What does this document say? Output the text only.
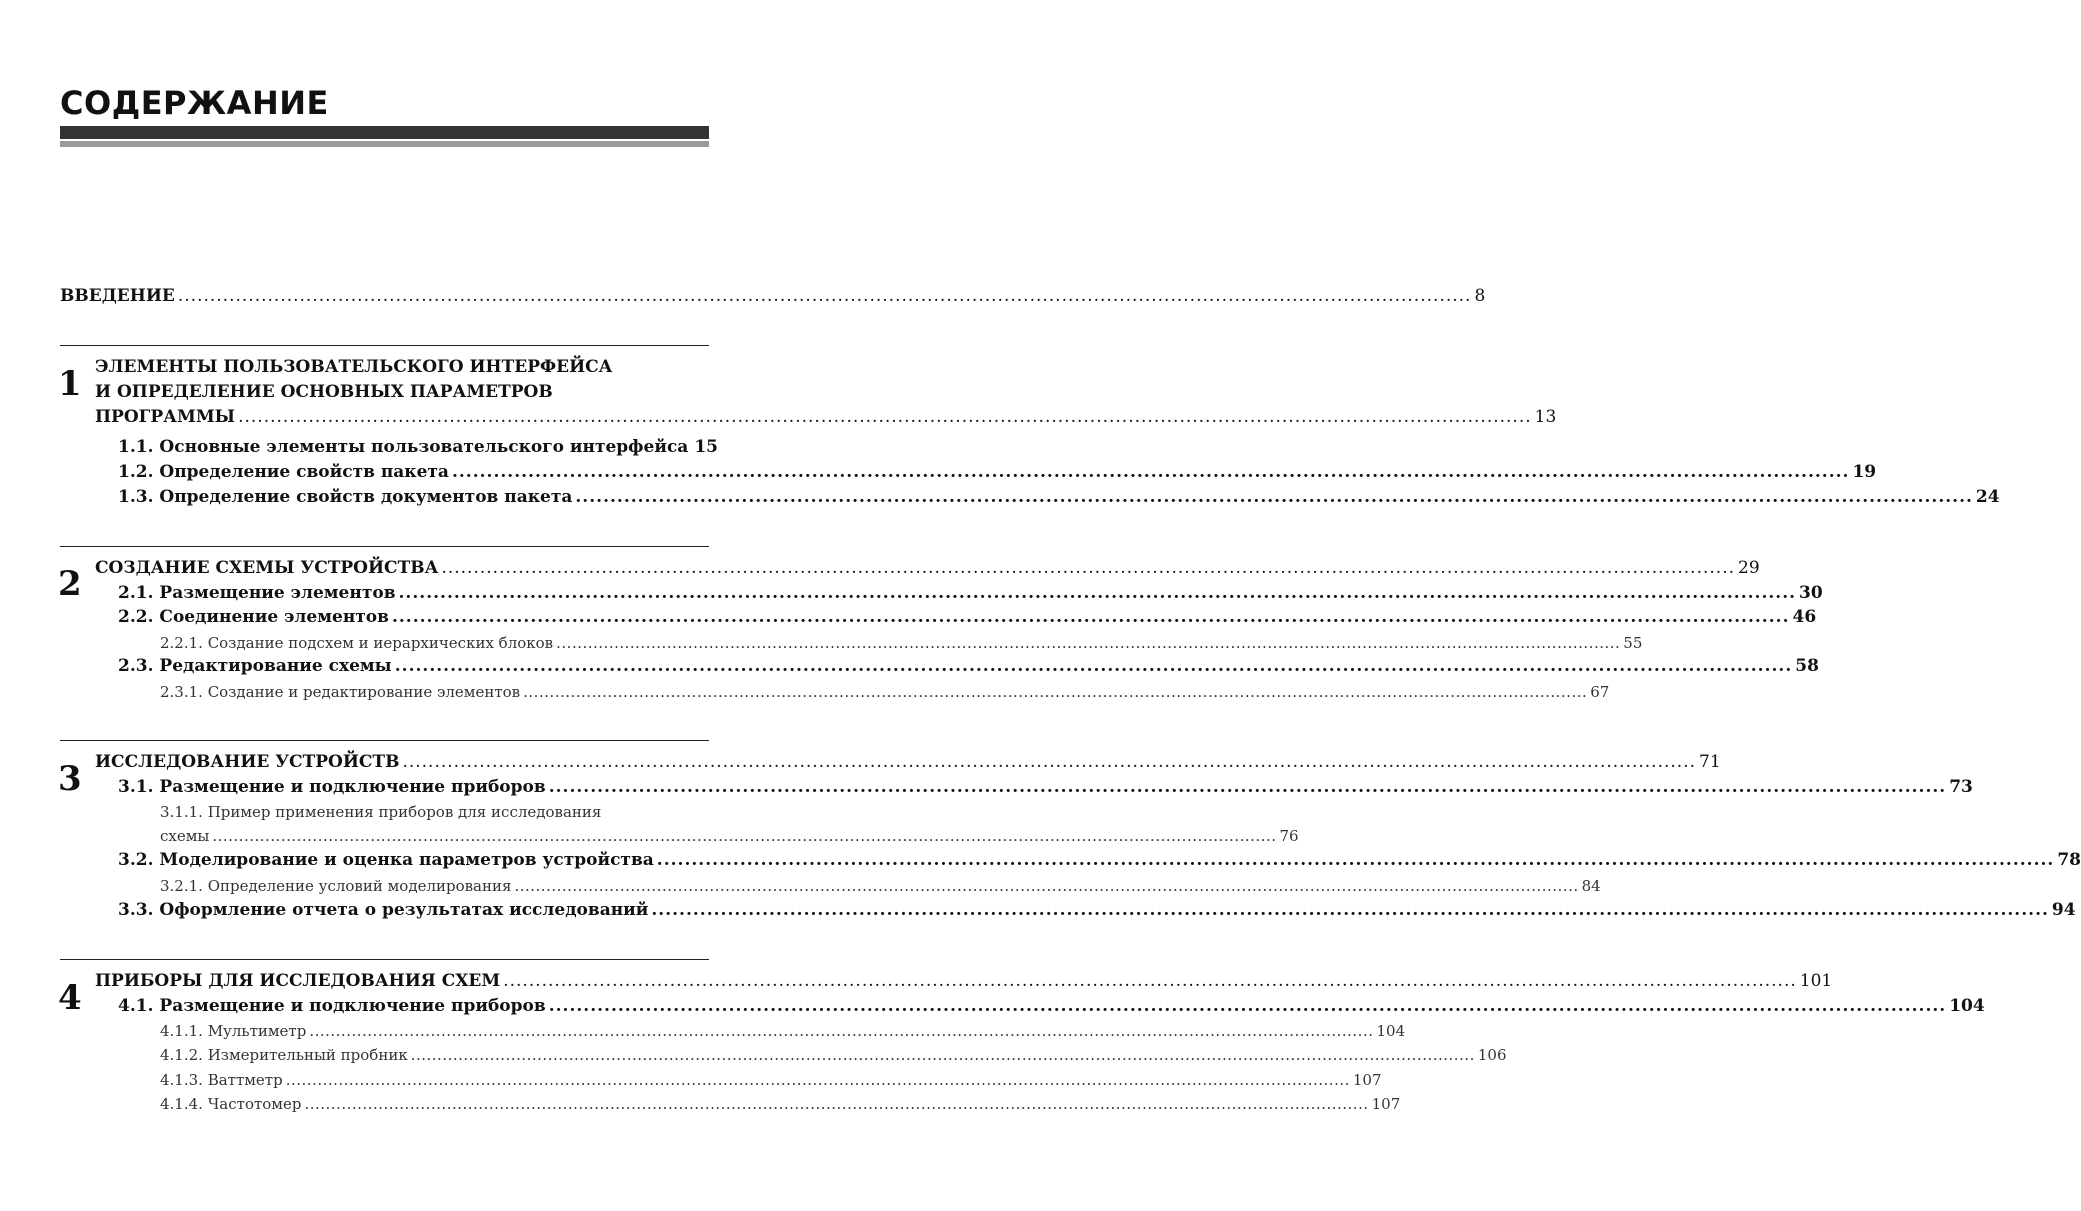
СОДЕРЖАНИЕ
ВВЕДЕНИЕ .......................................................................................................................................................................................................... 8
1 ЭЛЕМЕНТЫ ПОЛЬЗОВАТЕЛЬСКОГО ИНТЕРФЕЙСА
И ОПРЕДЕЛЕНИЕ ОСНОВНЫХ ПАРАМЕТРОВ
ПРОГРАММЫ .......................................................................................................................................................................................................... 13
1.1. Основные элементы пользовательского интерфейса 15
1.2. Определение свойств пакета .......................................................................................................................................................................................................... 19
1.3. Определение свойств документов пакета .......................................................................................................................................................................................................... 24
2 СОЗДАНИЕ СХЕМЫ УСТРОЙСТВА .......................................................................................................................................................................................................... 29
2.1. Размещение элементов .......................................................................................................................................................................................................... 30
2.2. Соединение элементов .......................................................................................................................................................................................................... 46
2.2.1. Создание подсхем и иерархических блоков .......................................................................................................................................................................................................... 55
2.3. Редактирование схемы .......................................................................................................................................................................................................... 58
2.3.1. Создание и редактирование элементов .......................................................................................................................................................................................................... 67
3 ИССЛЕДОВАНИЕ УСТРОЙСТВ .......................................................................................................................................................................................................... 71
3.1. Размещение и подключение приборов .......................................................................................................................................................................................................... 73
3.1.1. Пример применения приборов для исследования
схемы .......................................................................................................................................................................................................... 76
3.2. Моделирование и оценка параметров устройства .......................................................................................................................................................................................................... 78
3.2.1. Определение условий моделирования .......................................................................................................................................................................................................... 84
3.3. Оформление отчета о результатах исследований .......................................................................................................................................................................................................... 94
4 ПРИБОРЫ ДЛЯ ИССЛЕДОВАНИЯ СХЕМ .......................................................................................................................................................................................................... 101
4.1. Размещение и подключение приборов .......................................................................................................................................................................................................... 104
4.1.1. Мультиметр .......................................................................................................................................................................................................... 104
4.1.2. Измерительный пробник .......................................................................................................................................................................................................... 106
4.1.3. Ваттметр .......................................................................................................................................................................................................... 107
4.1.4. Частотомер .......................................................................................................................................................................................................... 107
